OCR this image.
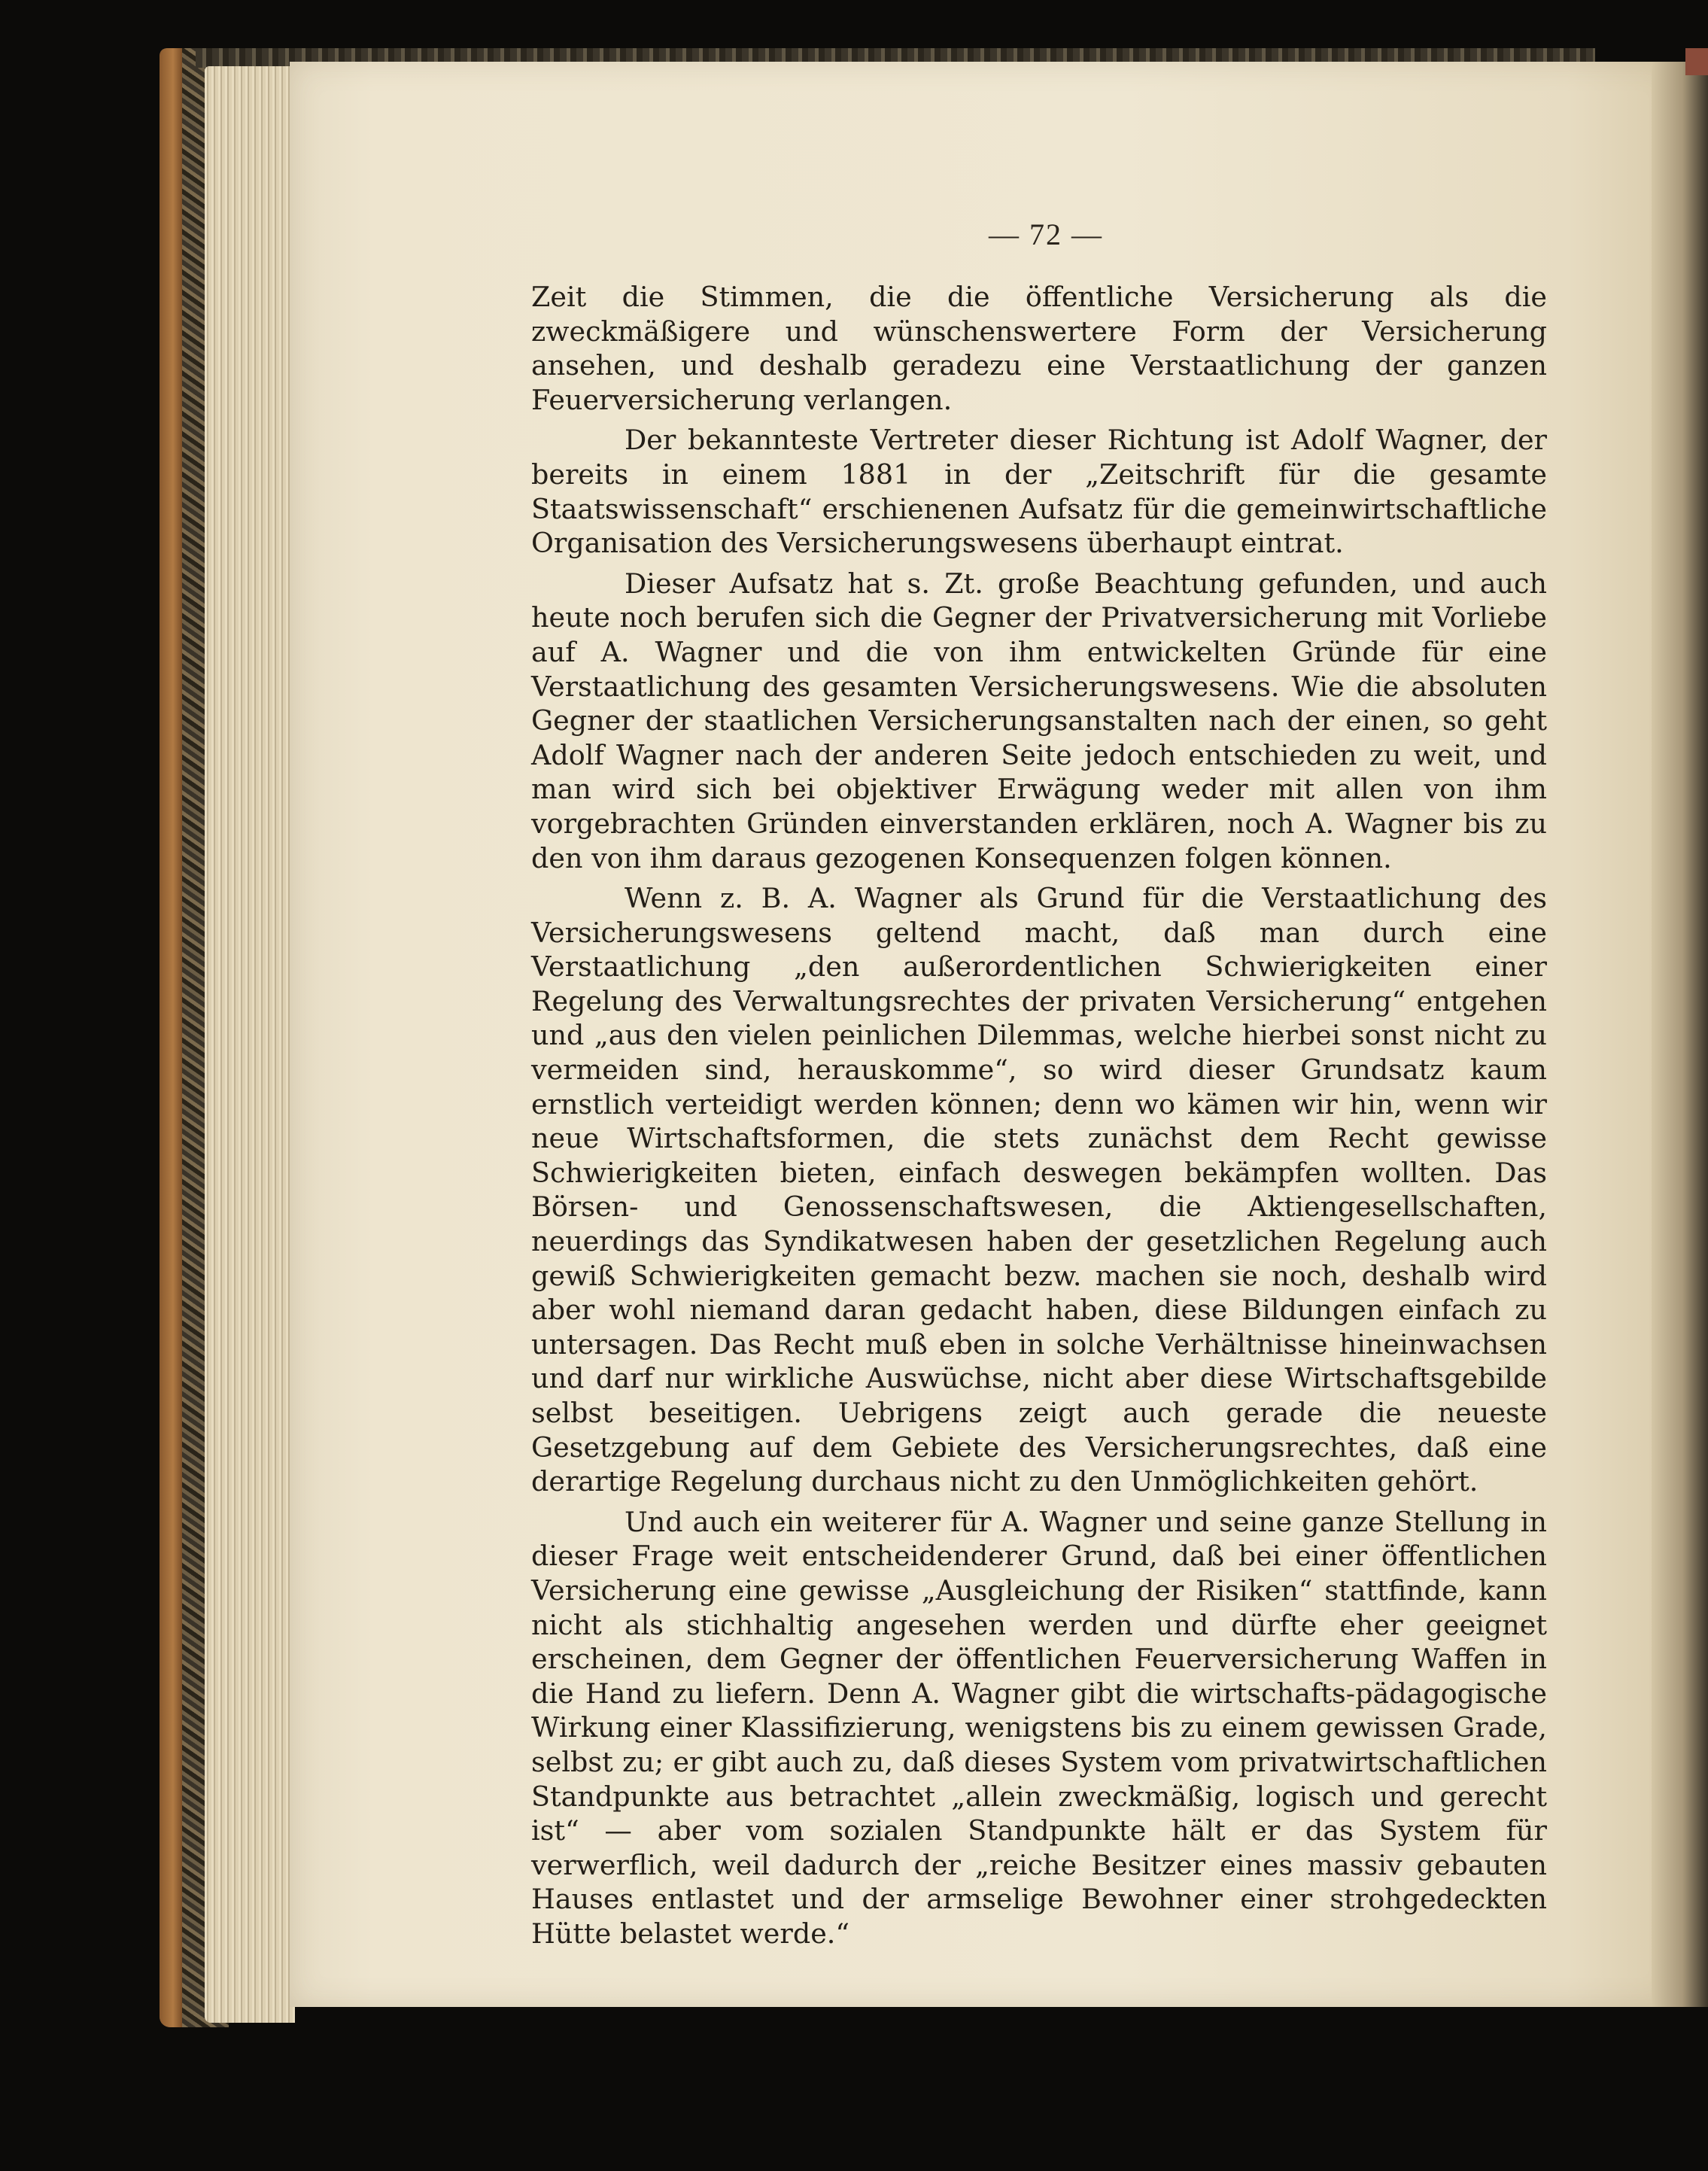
— 72 —

Zeit die Stimmen, die die öffentliche Versicherung als die zweckmäßigere und wünschenswertere Form der Versicherung ansehen, und deshalb geradezu eine Verstaatlichung der ganzen Feuerversicherung verlangen.

Der bekannteste Vertreter dieser Richtung ist Adolf Wagner, der bereits in einem 1881 in der „Zeitschrift für die gesamte Staatswissenschaft“ erschienenen Aufsatz für die gemeinwirtschaftliche Organisation des Versicherungswesens überhaupt eintrat.

Dieser Aufsatz hat s. Zt. große Beachtung gefunden, und auch heute noch berufen sich die Gegner der Privatversicherung mit Vorliebe auf A. Wagner und die von ihm entwickelten Gründe für eine Verstaatlichung des gesamten Versicherungswesens. Wie die absoluten Gegner der staatlichen Versicherungsanstalten nach der einen, so geht Adolf Wagner nach der anderen Seite jedoch entschieden zu weit, und man wird sich bei objektiver Erwägung weder mit allen von ihm vorgebrachten Gründen einverstanden erklären, noch A. Wagner bis zu den von ihm daraus gezogenen Konsequenzen folgen können.

Wenn z. B. A. Wagner als Grund für die Verstaatlichung des Versicherungswesens geltend macht, daß man durch eine Verstaatlichung „den außerordentlichen Schwierigkeiten einer Regelung des Verwaltungsrechtes der privaten Versicherung“ entgehen und „aus den vielen peinlichen Dilemmas, welche hierbei sonst nicht zu vermeiden sind, herauskomme“, so wird dieser Grundsatz kaum ernstlich verteidigt werden können; denn wo kämen wir hin, wenn wir neue Wirtschaftsformen, die stets zunächst dem Recht gewisse Schwierigkeiten bieten, einfach deswegen bekämpfen wollten. Das Börsen- und Genossenschaftswesen, die Aktiengesellschaften, neuerdings das Syndikatwesen haben der gesetzlichen Regelung auch gewiß Schwierigkeiten gemacht bezw. machen sie noch, deshalb wird aber wohl niemand daran gedacht haben, diese Bildungen einfach zu untersagen. Das Recht muß eben in solche Verhältnisse hineinwachsen und darf nur wirkliche Auswüchse, nicht aber diese Wirtschaftsgebilde selbst beseitigen. Uebrigens zeigt auch gerade die neueste Gesetzgebung auf dem Gebiete des Versicherungsrechtes, daß eine derartige Regelung durchaus nicht zu den Unmöglichkeiten gehört.

Und auch ein weiterer für A. Wagner und seine ganze Stellung in dieser Frage weit entscheidenderer Grund, daß bei einer öffentlichen Versicherung eine gewisse „Ausgleichung der Risiken“ stattfinde, kann nicht als stichhaltig angesehen werden und dürfte eher geeignet erscheinen, dem Gegner der öffentlichen Feuerversicherung Waffen in die Hand zu liefern. Denn A. Wagner gibt die wirtschafts-pädagogische Wirkung einer Klassifizierung, wenigstens bis zu einem gewissen Grade, selbst zu; er gibt auch zu, daß dieses System vom privatwirtschaftlichen Standpunkte aus betrachtet „allein zweckmäßig, logisch und gerecht ist“ — aber vom sozialen Standpunkte hält er das System für verwerflich, weil dadurch der „reiche Besitzer eines massiv gebauten Hauses entlastet und der armselige Bewohner einer strohgedeckten Hütte belastet werde.“
